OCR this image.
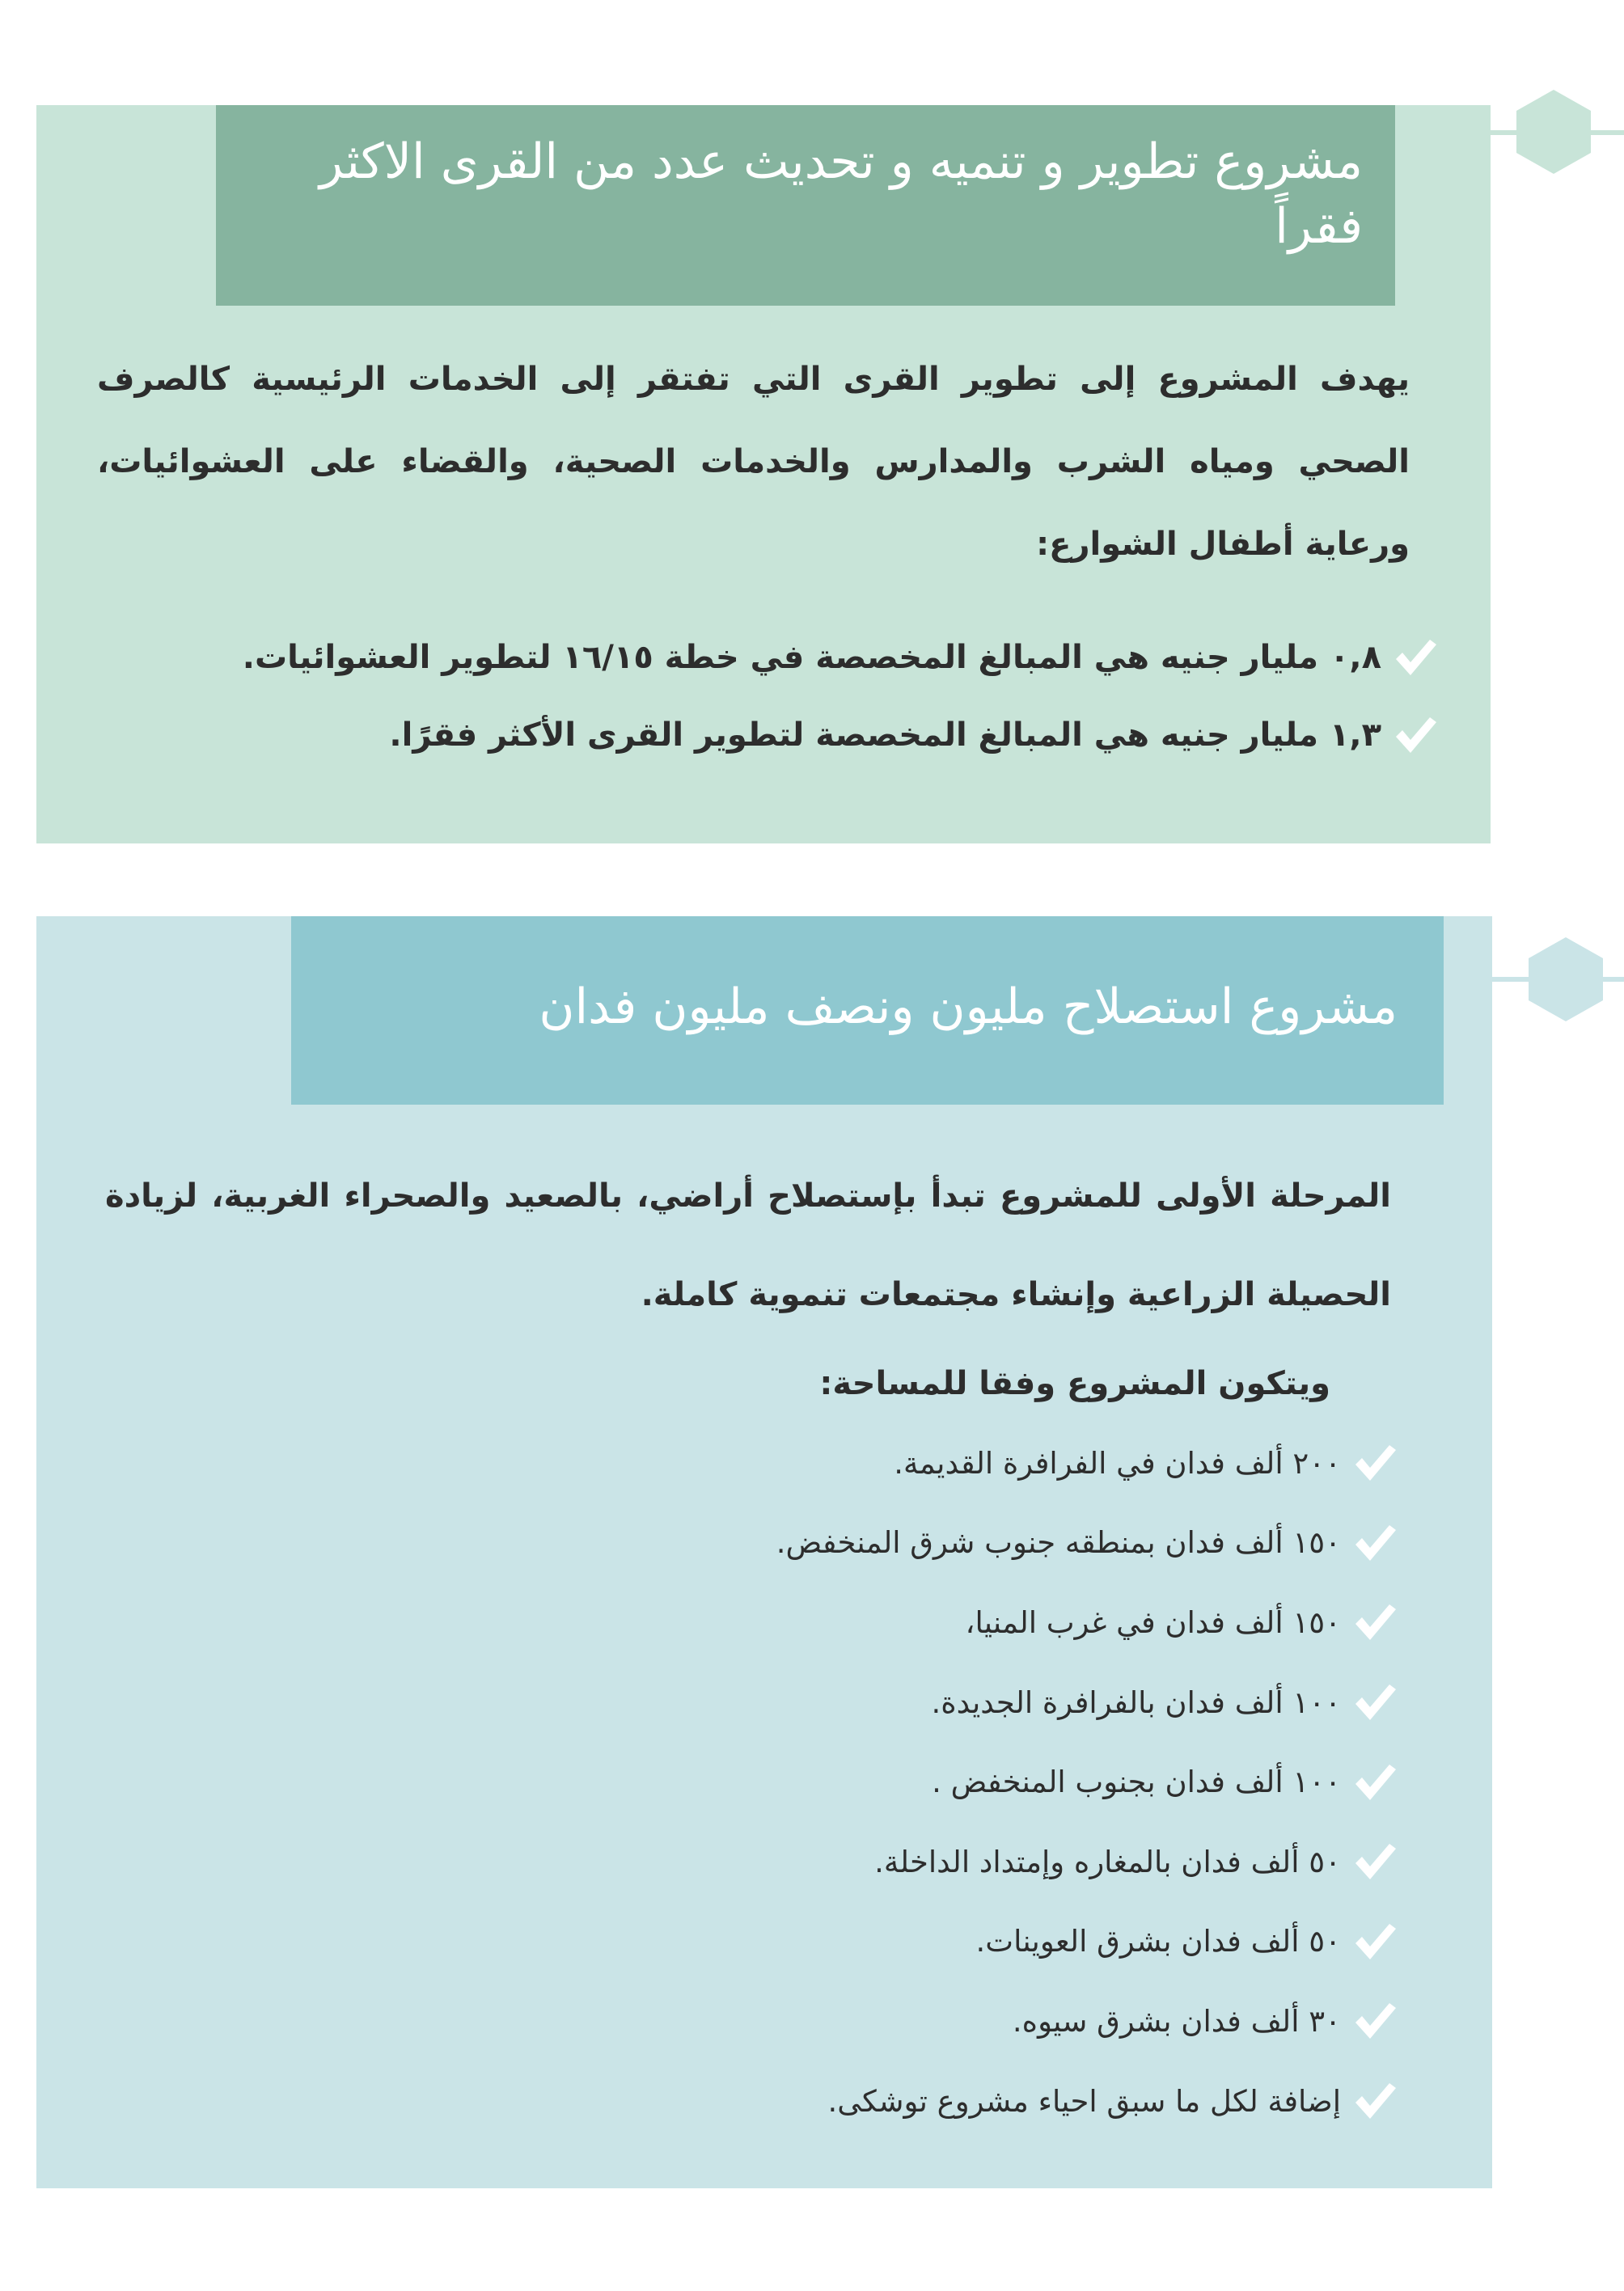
مشروع تطوير و تنميه و تحديث عدد من القرى الاكثر فقراً

يهدف المشروع إلى تطوير القرى التي تفتقر إلى الخدمات الرئيسية كالصرف الصحي ومياه الشرب والمدارس والخدمات الصحية، والقضاء على العشوائيات، ورعاية أطفال الشوارع:

٠,٨ مليار جنيه هي المبالغ المخصصة في خطة ١٦/١٥ لتطوير العشوائيات.
١,٣ مليار جنيه هي المبالغ المخصصة لتطوير القرى الأكثر فقرًا.
مشروع استصلاح مليون ونصف مليون فدان

المرحلة الأولى للمشروع تبدأ بإستصلاح أراضي، بالصعيد والصحراء الغربية، لزيادة الحصيلة الزراعية وإنشاء مجتمعات تنموية كاملة.

ويتكون المشروع وفقا للمساحة:
٢٠٠ ألف فدان في الفرافرة القديمة.
١٥٠ ألف فدان بمنطقه جنوب شرق المنخفض.
١٥٠ ألف فدان في غرب المنيا،
١٠٠ ألف فدان بالفرافرة الجديدة.
١٠٠ ألف فدان بجنوب المنخفض .
٥٠ ألف فدان بالمغاره وإمتداد الداخلة.
٥٠ ألف فدان بشرق العوينات.
٣٠ ألف فدان بشرق سيوه.
إضافة لكل ما سبق احياء مشروع توشكى.
